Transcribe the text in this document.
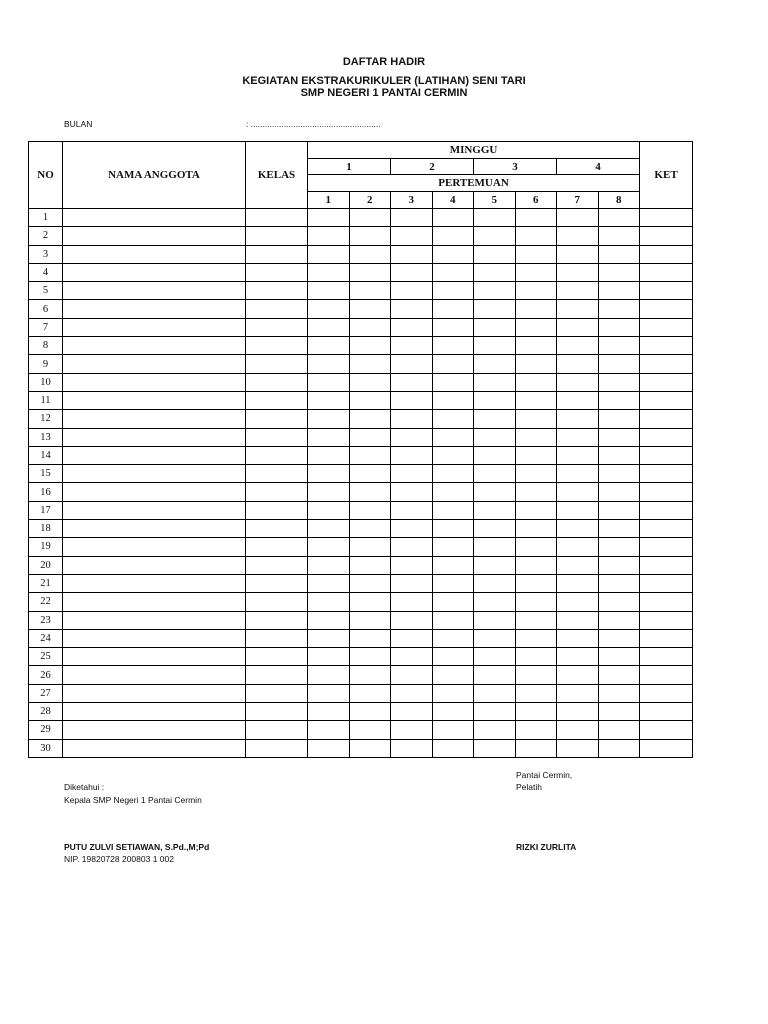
DAFTAR HADIR
KEGIATAN EKSTRAKURIKULER (LATIHAN) SENI TARI
SMP NEGERI 1 PANTAI CERMIN
BULAN	: .......................................................
NO	NAMA ANGGOTA	KELAS	MINGGU								KET
			1		2		3		4		
			PERTEMUAN								
			1	2	3	4	5	6	7	8	
1											
2											
3											
4											
5											
6											
7											
8											
9											
10											
11											
12											
13											
14											
15											
16											
17											
18											
19											
20											
21											
22											
23											
24											
25											
26											
27											
28											
29											
30											
Diketahui :
Kepala SMP Negeri 1 Pantai Cermin
PUTU ZULVI SETIAWAN, S.Pd.,M;Pd
NIP. 19820728 200803 1 002
Pantai Cermin,
Pelatih
RIZKI ZURLITA
